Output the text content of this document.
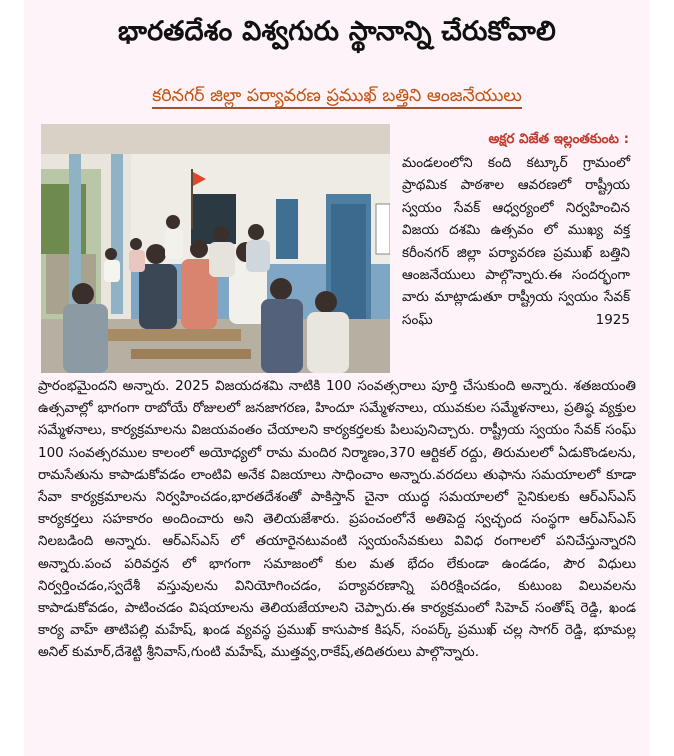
భారతదేశం విశ్వగురు స్థానాన్ని చేరుకోవాలి
కరినగర్ జిల్లా పర్యావరణ ప్రముఖ్ బత్తిని ఆంజనేయులు
అక్షర విజేత ఇల్లంతకుంట :
మండలంలోని కంది కట్కూర్ గ్రామంలో ప్రాథమిక పాఠశాల ఆవరణలో రాష్ట్రీయ స్వయం సేవక్ ఆధ్వర్యంలో నిర్వహించిన విజయ దశమి ఉత్సవం లో ముఖ్య వక్త కరీంనగర్ జిల్లా పర్యావరణ ప్రముఖ్ బత్తిని ఆంజనేయులు పాల్గొన్నారు.ఈ సందర్భంగా వారు మాట్లాడుతూ రాష్ట్రీయ స్వయం సేవక్ సంఘ్ 1925
ప్రారంభమైందని అన్నారు. 2025 విజయదశమి నాటికి 100 సంవత్సరాలు పూర్తి చేసుకుంది అన్నారు. శతజయంతి ఉత్సవాల్లో భాగంగా రాబోయే రోజులలో జనజాగరణ, హిందూ సమ్మేళనాలు, యువకుల సమ్మేళనాలు, ప్రతిష్ఠ వ్యక్తుల సమ్మేళనాలు, కార్యక్రమాలను విజయవంతం చేయాలని కార్యకర్తలకు పిలుపునిచ్చారు. రాష్ట్రీయ స్వయం సేవక్ సంఘ్ 100 సంవత్సరముల కాలంలో అయోధ్యలో రామ మందిర నిర్మాణం,370 ఆర్టికల్ రద్దు, తిరుమలలో ఏడుకొండలను, రామసేతును కాపాడుకోవడం లాంటివి అనేక విజయాలు సాధించాం అన్నారు.వరదలు తుఫాను సమయాలలో కూడా సేవా కార్యక్రమాలను నిర్వహించడం,భారతదేశంతో పాకిస్తాన్ చైనా యుద్ధ సమయాలలో సైనికులకు ఆర్ఎస్ఎస్ కార్యకర్తలు సహకారం అందించారు అని తెలియజేశారు. ప్రపంచంలోనే అతిపెద్ద స్వచ్ఛంద సంస్థగా ఆర్ఎస్ఎస్ నిలబడింది అన్నారు. ఆర్ఎస్ఎస్ లో తయారైనటువంటి స్వయంసేవకులు వివిధ రంగాలలో పనిచేస్తున్నారని అన్నారు.పంచ పరివర్తన లో భాగంగా సమాజంలో కుల మత భేదం లేకుండా ఉండడం, పౌర విధులు నిర్వర్తించడం,స్వదేశీ వస్తువులను వినియోగించడం, పర్యావరణాన్ని పరిరక్షించడం, కుటుంబ విలువలను కాపాడుకోవడం, పాటించడం విషయాలను తెలియజేయాలని చెప్పారు.ఈ కార్యక్రమంలో సిహెచ్ సంతోష్ రెడ్డి, ఖండ కార్య వాహ్ తాటిపల్లి మహేష్, ఖండ వ్యవస్థ ప్రముఖ్ కాసుపాక కిషన్, సంపర్క్ ప్రముఖ్ చల్ల సాగర్ రెడ్డి, భూమల్ల అనిల్ కుమార్,దేశెట్టి శ్రీనివాస్,గుంటి మహేష్, ముత్తవ్వ,రాకేష్,తదితరులు పాల్గొన్నారు.
